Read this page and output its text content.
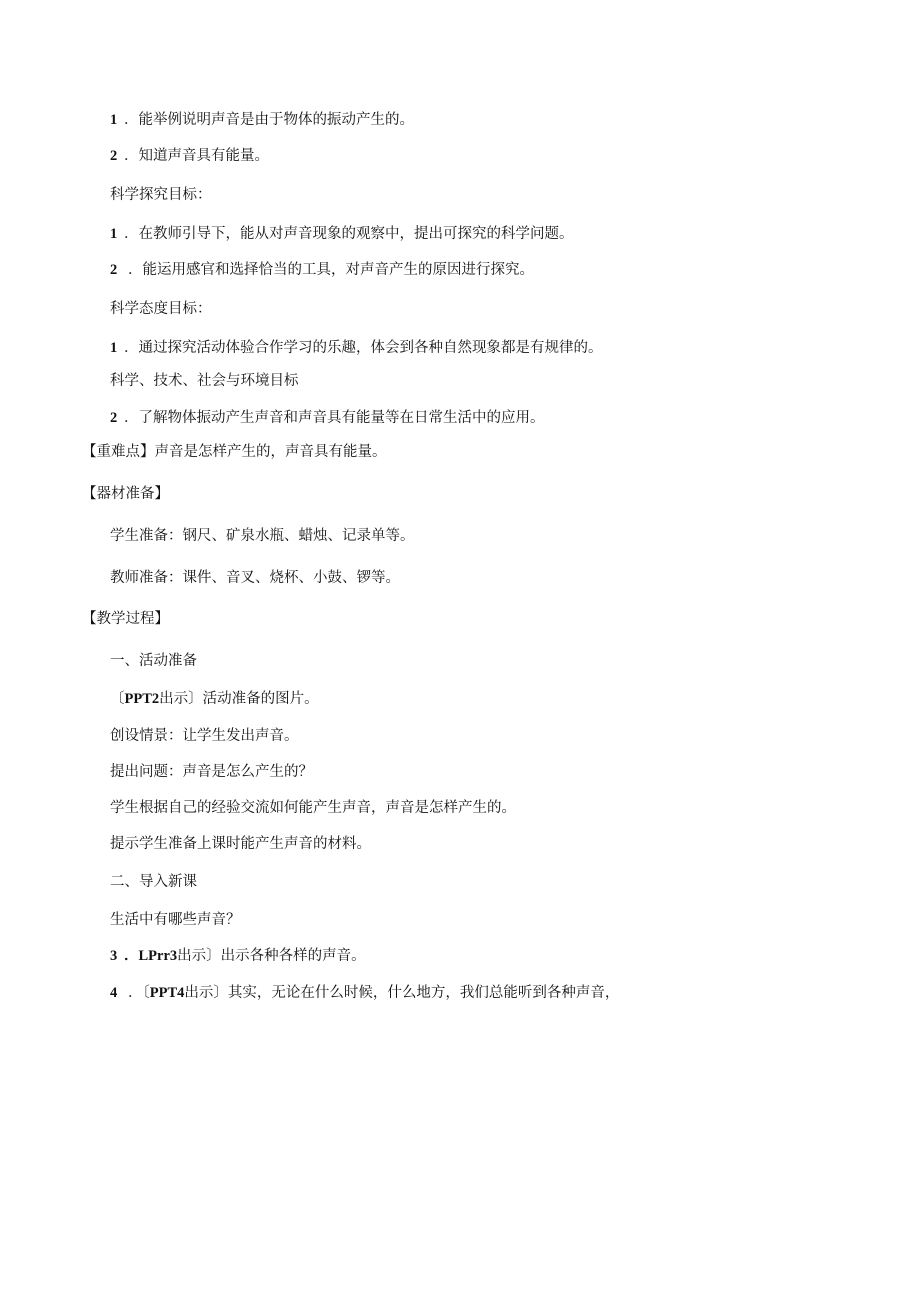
1 ．能举例说明声音是由于物体的振动产生的。
2 ．知道声音具有能量。
科学探究目标：
1 ．在教师引导下，能从对声音现象的观察中，提出可探究的科学问题。
2 ．能运用感官和选择恰当的工具，对声音产生的原因进行探究。
科学态度目标：
1 ．通过探究活动体验合作学习的乐趣，体会到各种自然现象都是有规律的。
科学、技术、社会与环境目标
2 ．了解物体振动产生声音和声音具有能量等在日常生活中的应用。
【重难点】声音是怎样产生的，声音具有能量。
【器材准备】
学生准备：钢尺、矿泉水瓶、蜡烛、记录单等。
教师准备：课件、音叉、烧杯、小鼓、锣等。
【教学过程】
一、活动准备
〔PPT2出示〕活动准备的图片。
创设情景：让学生发出声音。
提出问题：声音是怎么产生的？
学生根据自己的经验交流如何能产生声音，声音是怎样产生的。
提示学生准备上课时能产生声音的材料。
二、导入新课
生活中有哪些声音？
3 ．LPrr3出示〕出示各种各样的声音。
4 ．〔PPT4出示〕其实，无论在什么时候，什么地方，我们总能听到各种声音，
